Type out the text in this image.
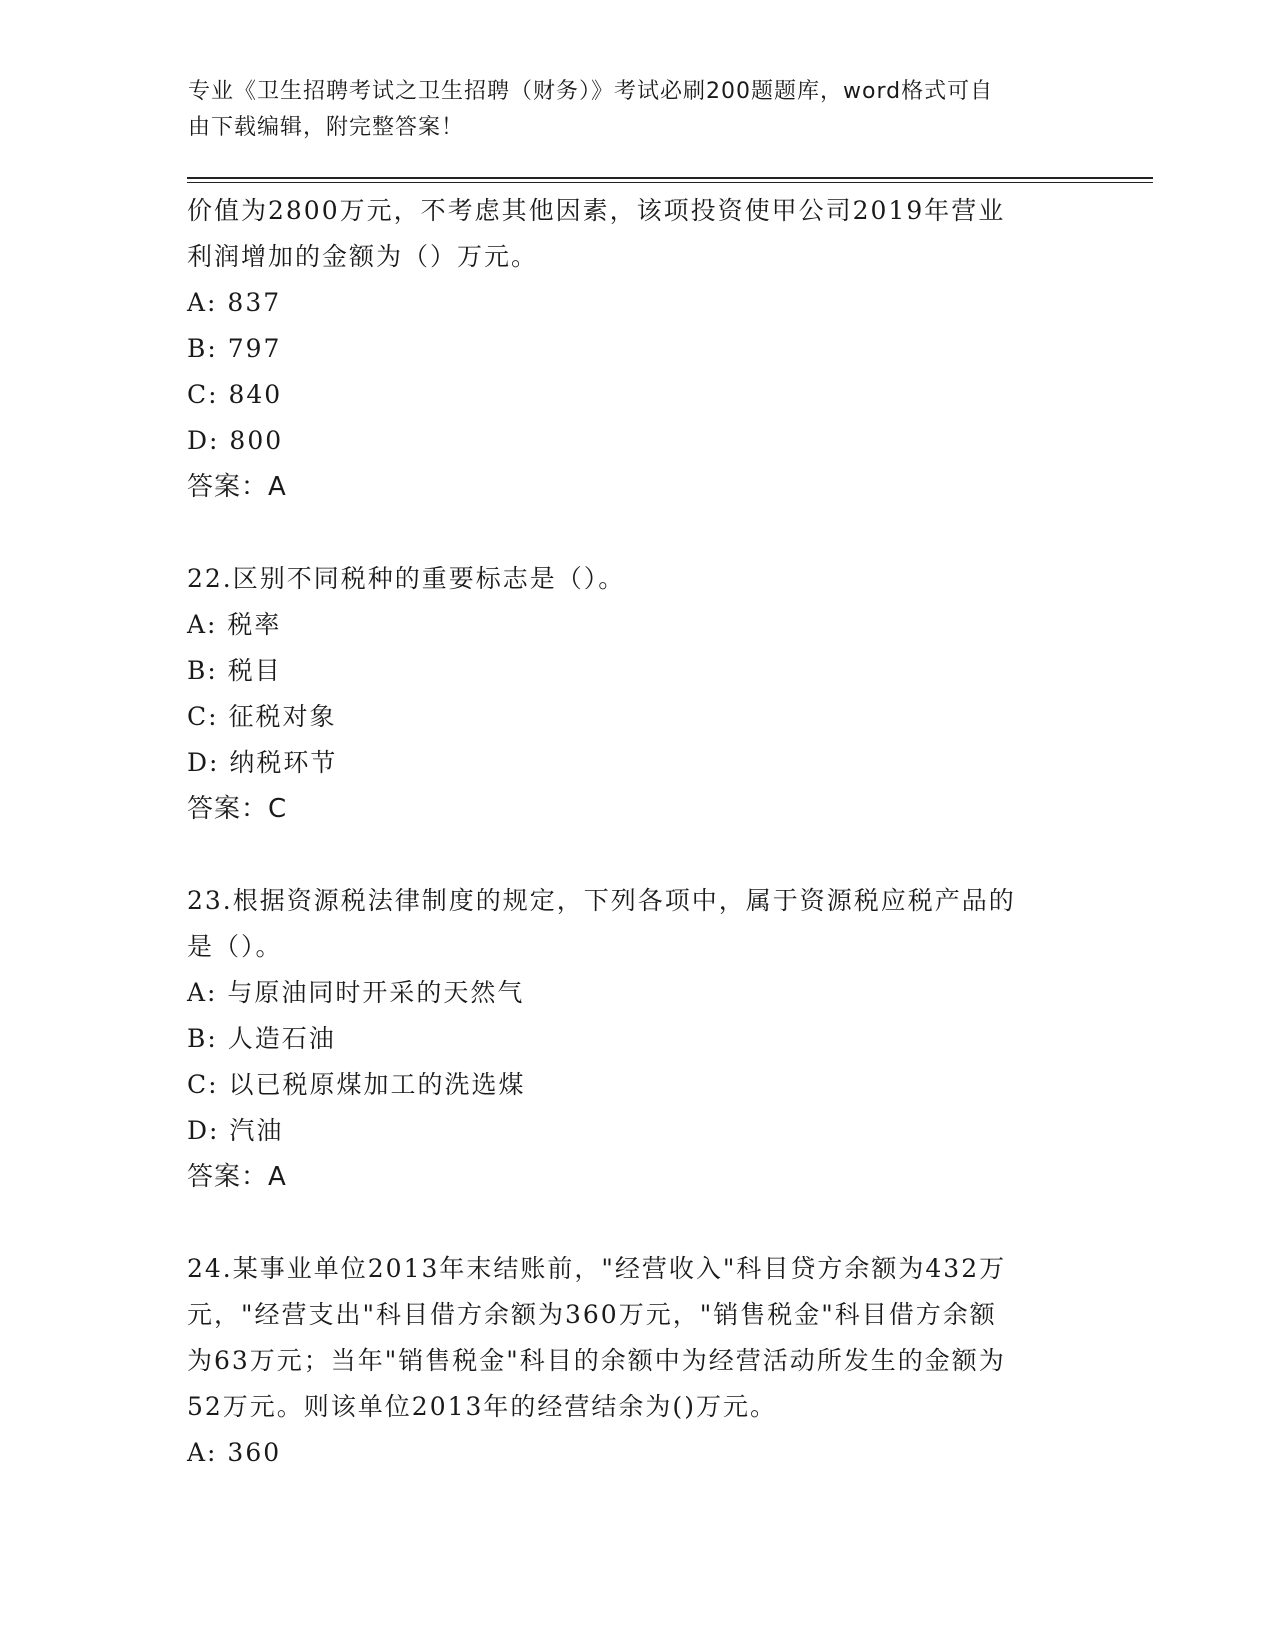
专业《卫生招聘考试之卫生招聘（财务）》考试必刷200题题库，word格式可自
由下载编辑，附完整答案！

价值为2800万元，不考虑其他因素，该项投资使甲公司2019年营业

利润增加的金额为（）万元。

A: 837

B: 797

C: 840

D: 800

答案：A

22.区别不同税种的重要标志是（）。

A: 税率

B: 税目

C: 征税对象

D: 纳税环节

答案：C

23.根据资源税法律制度的规定，下列各项中，属于资源税应税产品的

是（）。

A: 与原油同时开采的天然气

B: 人造石油

C: 以已税原煤加工的洗选煤

D: 汽油

答案：A

24.某事业单位2013年末结账前，"经营收入"科目贷方余额为432万

元，"经营支出"科目借方余额为360万元，"销售税金"科目借方余额

为63万元；当年"销售税金"科目的余额中为经营活动所发生的金额为

52万元。则该单位2013年的经营结余为()万元。

A: 360
